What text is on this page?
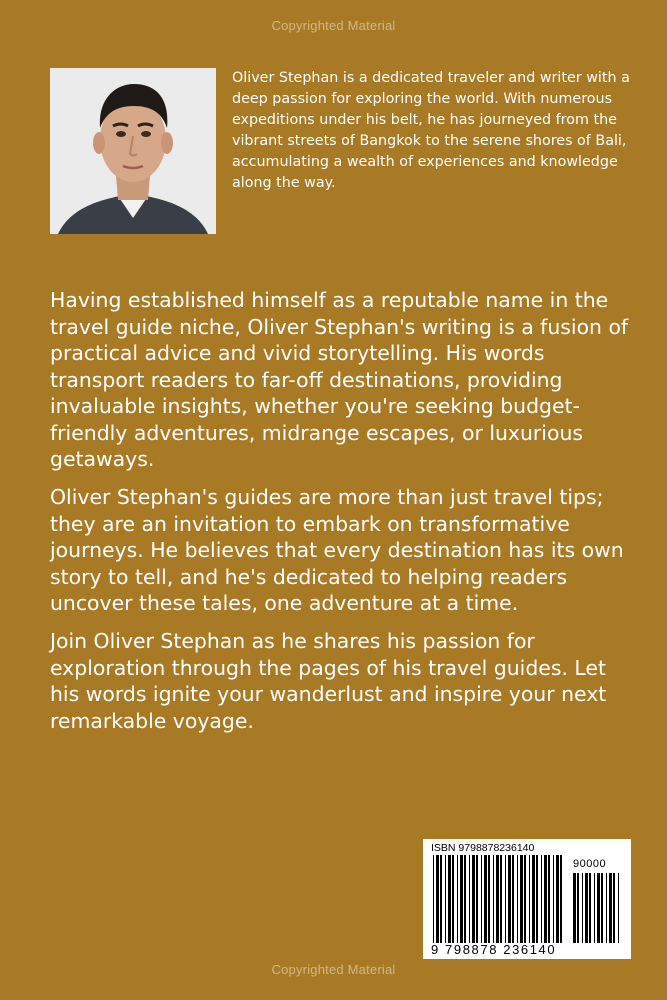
Copyrighted Material

Oliver Stephan is a dedicated traveler and writer with a deep passion for exploring the world. With numerous expeditions under his belt, he has journeyed from the vibrant streets of Bangkok to the serene shores of Bali, accumulating a wealth of experiences and knowledge along the way.

Having established himself as a reputable name in the travel guide niche, Oliver Stephan's writing is a fusion of practical advice and vivid storytelling. His words transport readers to far-off destinations, providing invaluable insights, whether you're seeking budget-friendly adventures, midrange escapes, or luxurious getaways.

Oliver Stephan's guides are more than just travel tips; they are an invitation to embark on transformative journeys. He believes that every destination has its own story to tell, and he's dedicated to helping readers uncover these tales, one adventure at a time.

Join Oliver Stephan as he shares his passion for exploration through the pages of his travel guides. Let his words ignite your wanderlust and inspire your next remarkable voyage.

ISBN 9798878236140
90000
9 798878 236140
Copyrighted Material
